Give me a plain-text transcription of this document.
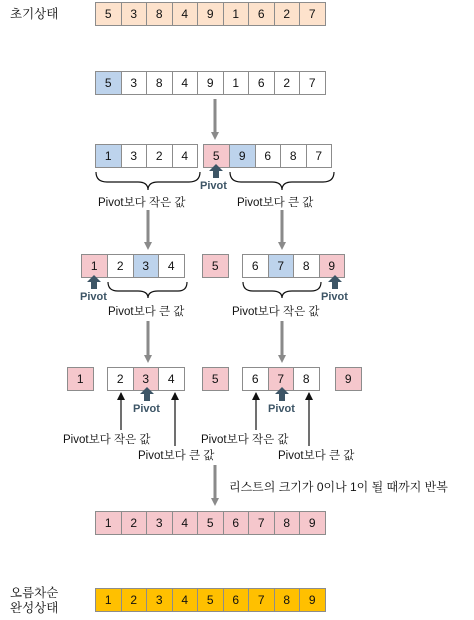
초기상태	5	3	8	4	9	1	6	2	7
5	3	8	4	9	1	6	2	7
1	3	2	4	5	9	6	8	7
Pivot
Pivot보다 작은 값	Pivot보다 큰 값
1	2	3	4	5	6	7	8	9
Pivot	Pivot
Pivot보다 큰 값	Pivot보다 작은 값
1	2	3	4	5	6	7	8	9
Pivot	Pivot
Pivot보다 작은 값
Pivot보다 큰 값
Pivot보다 작은 값
Pivot보다 큰 값
리스트의 크기가 0이나 1이 될 때까지 반복
1	2	3	4	5	6	7	8	9
오름차순
완성상태
1	2	3	4	5	6	7	8	9
